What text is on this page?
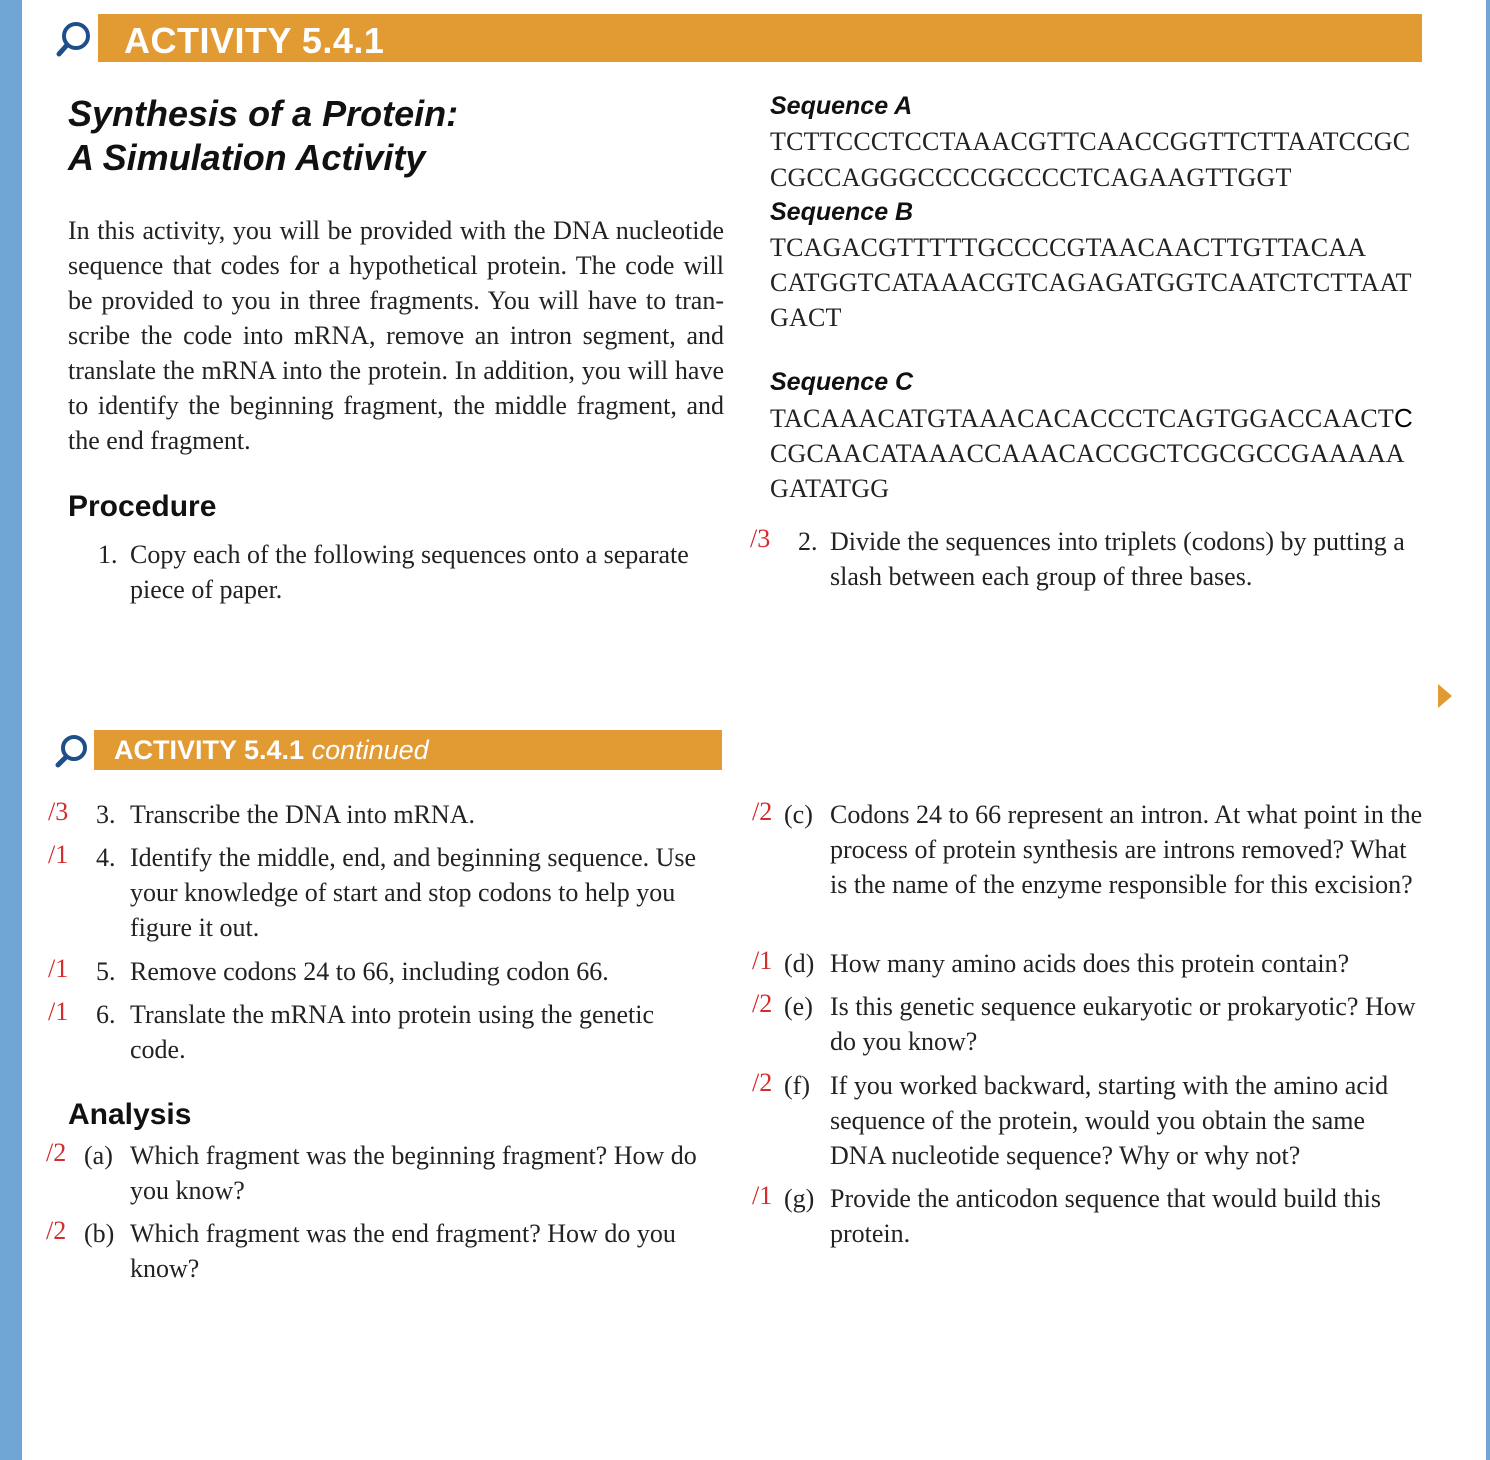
ACTIVITY 5.4.1
Synthesis of a Protein:
A Simulation Activity
In this activity, you will be provided with the DNA nucleotide sequence that codes for a hypothetical protein. The code will be provided to you in three fragments. You will have to tran-scribe the code into mRNA, remove an intron segment, and translate the mRNA into the protein. In addition, you will have to identify the beginning fragment, the middle fragment, and the end fragment.
Procedure
1. Copy each of the following sequences onto a separate piece of paper.
Sequence A
TCTTCCCTCCTAAACGTTCAACCGGTTCTTAATCCGC
CGCCAGGGCCCCGCCCCTCAGAAGTTGGT
Sequence B
TCAGACGTTTTTGCCCCGTAACAACTTGTTACAA
CATGGTCATAAACGTCAGAGATGGTCAATCTCTTAAT
GACT
Sequence C
TACAAACATGTAAACACACCCTCAGTGGACCAACTC
CGCAACATAAACCAAACACCGCTCGCGCCGAAAAA
GATATGG
/3 2. Divide the sequences into triplets (codons) by putting a slash between each group of three bases.
ACTIVITY 5.4.1 continued
/3 3. Transcribe the DNA into mRNA.
/1 4. Identify the middle, end, and beginning sequence. Use your knowledge of start and stop codons to help you figure it out.
/1 5. Remove codons 24 to 66, including codon 66.
/1 6. Translate the mRNA into protein using the genetic code.
Analysis
/2 (a) Which fragment was the beginning fragment? How do you know?
/2 (b) Which fragment was the end fragment? How do you know?
/2 (c) Codons 24 to 66 represent an intron. At what point in the process of protein synthesis are introns removed? What is the name of the enzyme responsible for this excision?
/1 (d) How many amino acids does this protein contain?
/2 (e) Is this genetic sequence eukaryotic or prokaryotic? How do you know?
/2 (f) If you worked backward, starting with the amino acid sequence of the protein, would you obtain the same DNA nucleotide sequence? Why or why not?
/1 (g) Provide the anticodon sequence that would build this protein.
